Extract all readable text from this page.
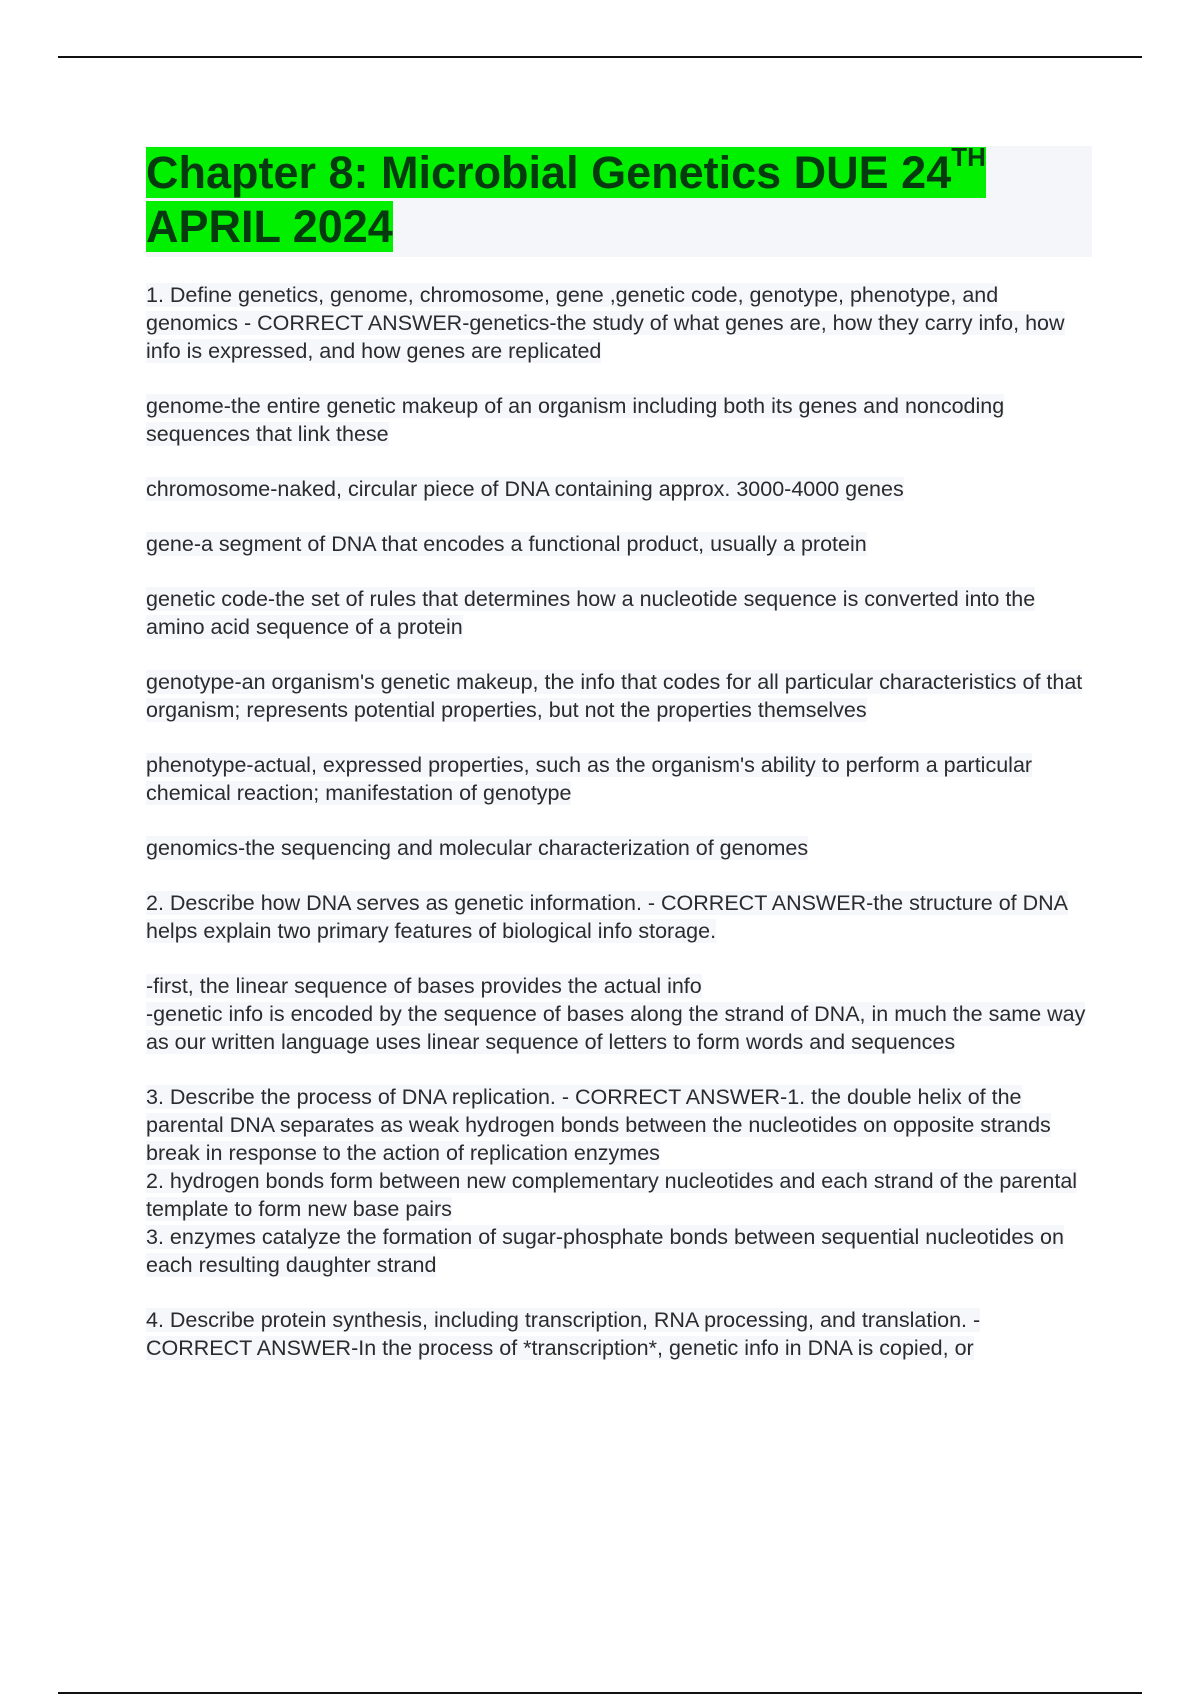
Chapter 8: Microbial Genetics DUE 24TH
APRIL 2024

1. Define genetics, genome, chromosome, gene ,genetic code, genotype, phenotype, and genomics - CORRECT ANSWER-genetics-the study of what genes are, how they carry info, how info is expressed, and how genes are replicated

genome-the entire genetic makeup of an organism including both its genes and noncoding sequences that link these

chromosome-naked, circular piece of DNA containing approx. 3000-4000 genes

gene-a segment of DNA that encodes a functional product, usually a protein

genetic code-the set of rules that determines how a nucleotide sequence is converted into the amino acid sequence of a protein

genotype-an organism's genetic makeup, the info that codes for all particular characteristics of that organism; represents potential properties, but not the properties themselves

phenotype-actual, expressed properties, such as the organism's ability to perform a particular chemical reaction; manifestation of genotype

genomics-the sequencing and molecular characterization of genomes

2. Describe how DNA serves as genetic information. - CORRECT ANSWER-the structure of DNA helps explain two primary features of biological info storage.

-first, the linear sequence of bases provides the actual info
-genetic info is encoded by the sequence of bases along the strand of DNA, in much the same way as our written language uses linear sequence of letters to form words and sequences

3. Describe the process of DNA replication. - CORRECT ANSWER-1. the double helix of the parental DNA separates as weak hydrogen bonds between the nucleotides on opposite strands break in response to the action of replication enzymes
2. hydrogen bonds form between new complementary nucleotides and each strand of the parental template to form new base pairs
3. enzymes catalyze the formation of sugar-phosphate bonds between sequential nucleotides on each resulting daughter strand

4. Describe protein synthesis, including transcription, RNA processing, and translation. - CORRECT ANSWER-In the process of *transcription*, genetic info in DNA is copied, or
